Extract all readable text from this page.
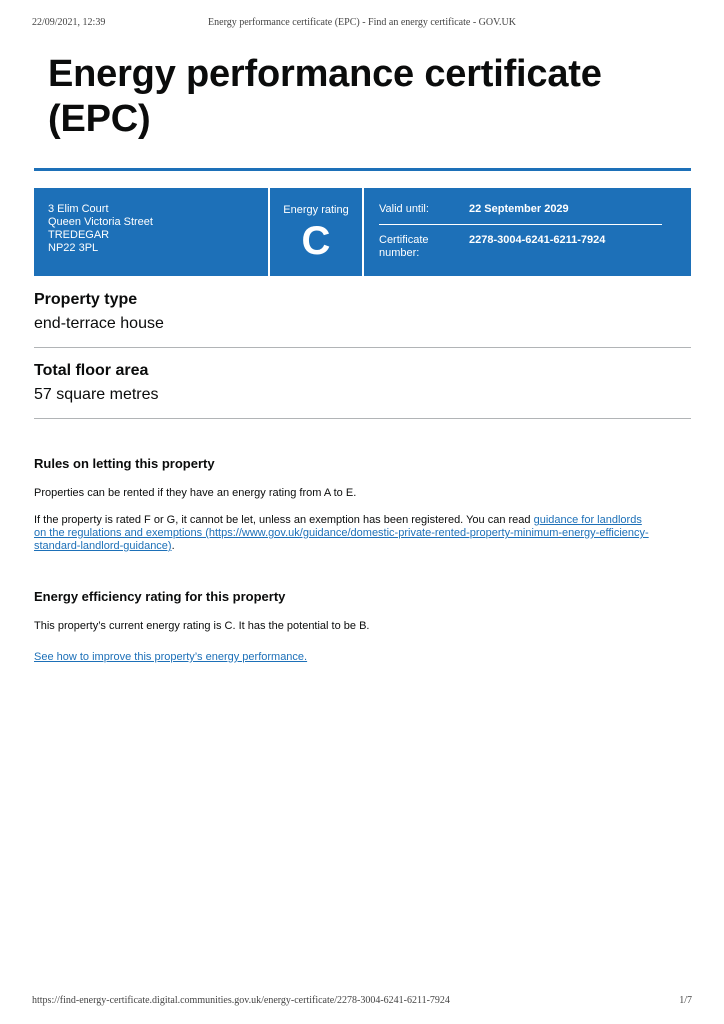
22/09/2021, 12:39	Energy performance certificate (EPC) - Find an energy certificate - GOV.UK
Energy performance certificate
(EPC)
3 Elim Court
Queen Victoria Street
TREDEGAR
NP22 3PL
Energy rating
C
Valid until:	22 September 2029
Certificate
number:
2278-3004-6241-6211-7924
Property type
end-terrace house
Total floor area
57 square metres
Rules on letting this property

Properties can be rented if they have an energy rating from A to E.

If the property is rated F or G, it cannot be let, unless an exemption has been registered. You can read guidance for landlords
on the regulations and exemptions (https://www.gov.uk/guidance/domestic-private-rented-property-minimum-energy-efficiency-
standard-landlord-guidance).

Energy efficiency rating for this property

This property’s current energy rating is C. It has the potential to be B.

See how to improve this property’s energy performance.

https://find-energy-certificate.digital.communities.gov.uk/energy-certificate/2278-3004-6241-6211-7924	1/7
